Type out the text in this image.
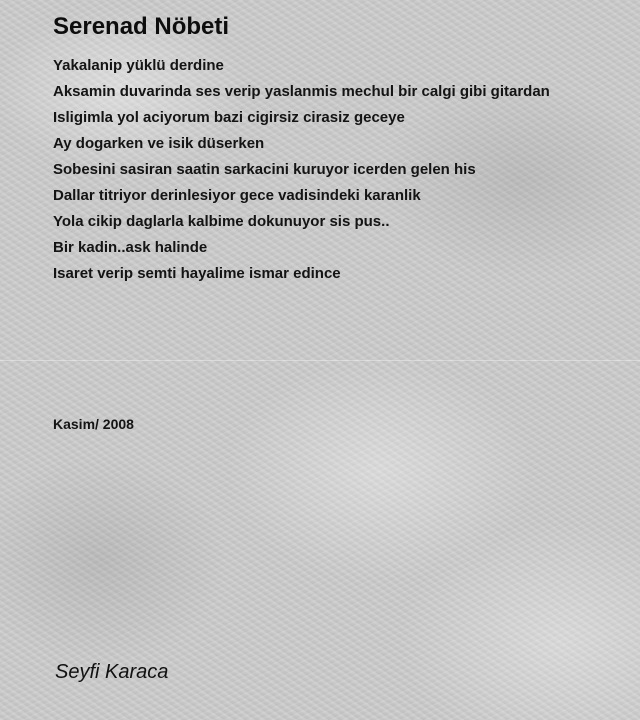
Serenad Nöbeti
Yakalanip yüklü derdine
Aksamin duvarinda ses verip yaslanmis mechul bir calgi gibi gitardan
Isligimla yol aciyorum bazi cigirsiz cirasiz geceye
Ay dogarken ve isik düserken
Sobesini sasiran saatin sarkacini kuruyor icerden gelen his
Dallar titriyor derinlesiyor gece vadisindeki karanlik
Yola cikip daglarla kalbime dokunuyor sis pus..
Bir kadin..ask halinde
Isaret verip semti hayalime ismar edince
Kasim/ 2008
Seyfi Karaca
